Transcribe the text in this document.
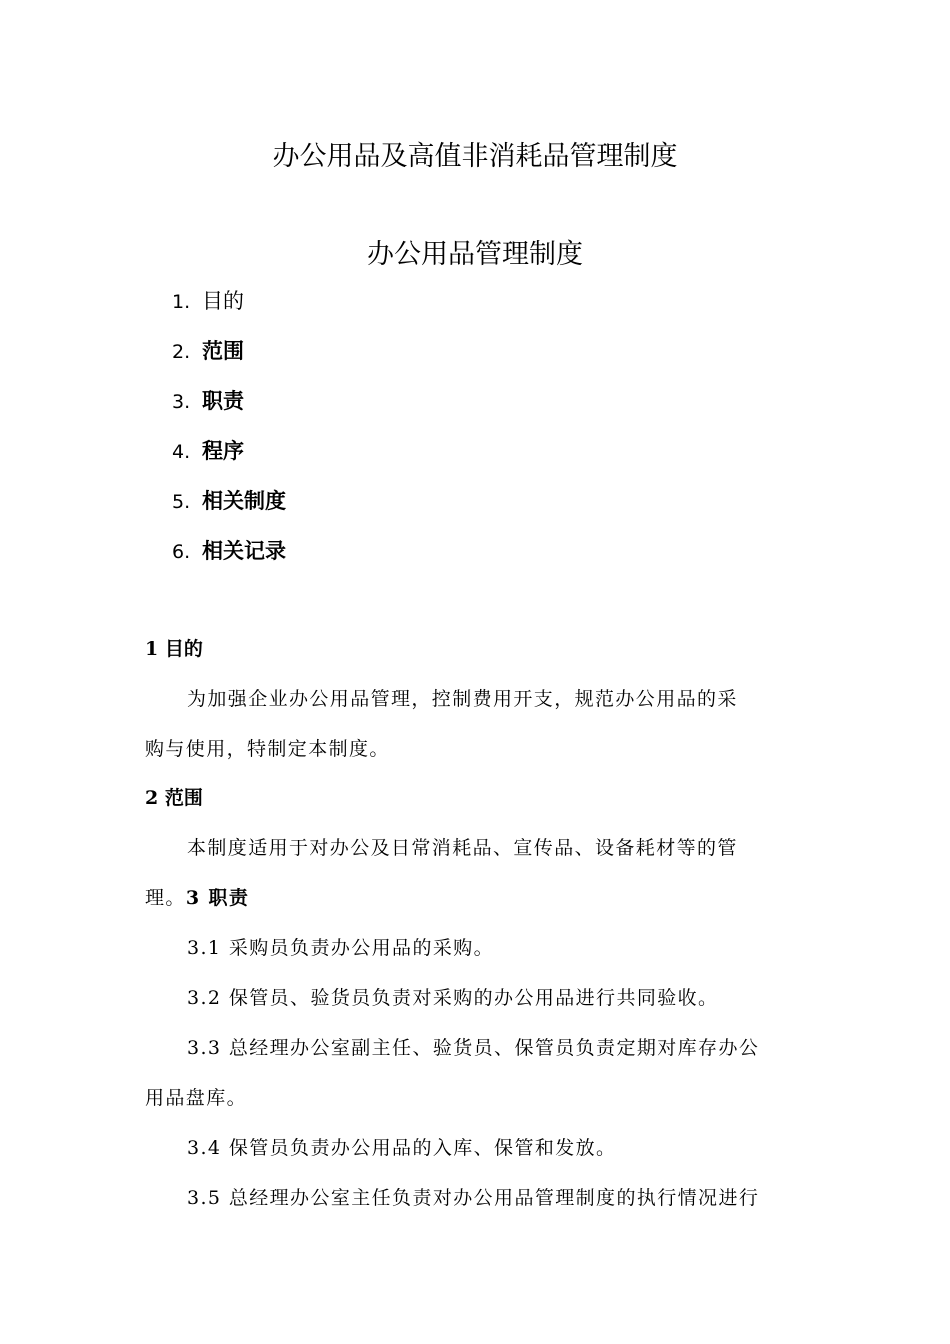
办公用品及高值非消耗品管理制度
办公用品管理制度
1. 目的
2. 范围
3. 职责
4. 程序
5. 相关制度
6. 相关记录
1 目的
为加强企业办公用品管理，控制费用开支，规范办公用品的采
购与使用，特制定本制度。
2 范围
本制度适用于对办公及日常消耗品、宣传品、设备耗材等的管
理。3 职责
3.1 采购员负责办公用品的采购。
3.2 保管员、验货员负责对采购的办公用品进行共同验收。
3.3 总经理办公室副主任、验货员、保管员负责定期对库存办公
用品盘库。
3.4 保管员负责办公用品的入库、保管和发放。
3.5 总经理办公室主任负责对办公用品管理制度的执行情况进行
